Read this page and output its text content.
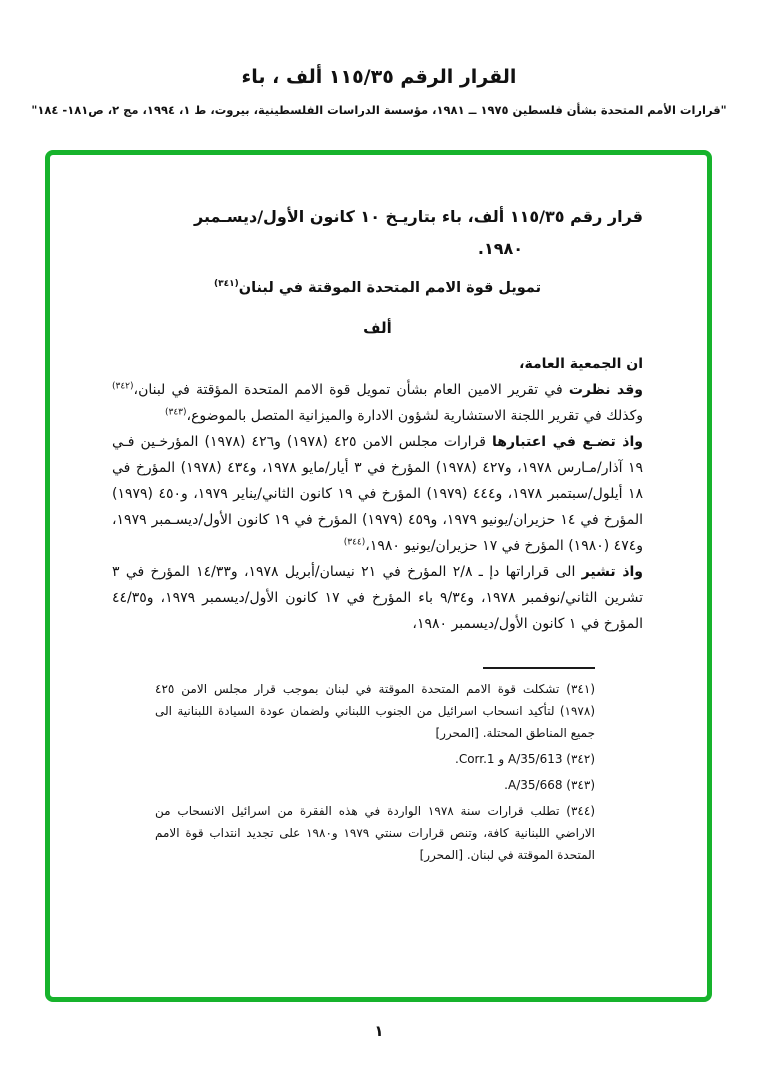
القرار الرقم ١١٥/٣٥ ألف ، باء
"قرارات الأمم المتحدة بشأن فلسطين ١٩٧٥ ــ ١٩٨١، مؤسسة الدراسات الفلسطينية، بيروت، ط ١، ١٩٩٤، مج ٢، ص١٨١- ١٨٤"
قرار رقم ١١٥/٣٥ ألف، باء بتاريـخ ١٠ كانون الأول/ديسـمبر
١٩٨٠.
تمويل قوة الامم المتحدة الموقتة في لبنان$^{(٣٤١)}$
ألف

ان الجمعية العامة،

وقد نظرت في تقرير الامين العام بشأن تمويل قوة الامم المتحدة المؤقتة في لبنان،$^{(٣٤٢)}$ وكذلك في تقرير اللجنة الاستشارية لشؤون الادارة والميزانية المتصل بالموضوع،$^{(٣٤٣)}$

واذ تضـع في اعتبارها قرارات مجلس الامن ٤٢٥ (١٩٧٨) و٤٢٦ (١٩٧٨) المؤرخـين فـي ١٩ آذار/مـارس ١٩٧٨، و٤٢٧ (١٩٧٨) المؤرخ في ٣ أيار/مايو ١٩٧٨، و٤٣٤ (١٩٧٨) المؤرخ في ١٨ أيلول/سبتمبر ١٩٧٨، و٤٤٤ (١٩٧٩) المؤرخ في ١٩ كانون الثاني/يناير ١٩٧٩، و٤٥٠ (١٩٧٩) المؤرخ في ١٤ حزيران/يونيو ١٩٧٩، و٤٥٩ (١٩٧٩) المؤرخ في ١٩ كانون الأول/ديسـمبر ١٩٧٩، و٤٧٤ (١٩٨٠) المؤرخ في ١٧ حزيران/يونيو ١٩٨٠،$^{(٣٤٤)}$

واذ تشير الى قراراتها دإ ـ ٢/٨ المؤرخ في ٢١ نيسان/أبريل ١٩٧٨، و١٤/٣٣ المؤرخ في ٣ تشرين الثاني/نوفمبر ١٩٧٨، و٩/٣٤ باء المؤرخ في ١٧ كانون الأول/ديسمبر ١٩٧٩، و٤٤/٣٥ المؤرخ في ١ كانون الأول/ديسمبر ١٩٨٠،

(٣٤١) تشكلت قوة الامم المتحدة الموقتة في لبنان بموجب قرار مجلس الامن ٤٢٥ (١٩٧٨) لتأكيد انسحاب اسرائيل من الجنوب اللبناني ولضمان عودة السيادة اللبنانية الى جميع المناطق المحتلة. [المحرر]

(٣٤٢) A/35/613 و Corr.1.

(٣٤٣) A/35/668.

(٣٤٤) تطلب قرارات سنة ١٩٧٨ الواردة في هذه الفقرة من اسرائيل الانسحاب من الاراضي اللبنانية كافة، وتنص قرارات سنتي ١٩٧٩ و١٩٨٠ على تجديد انتداب قوة الامم المتحدة الموقتة في لبنان. [المحرر]

١
